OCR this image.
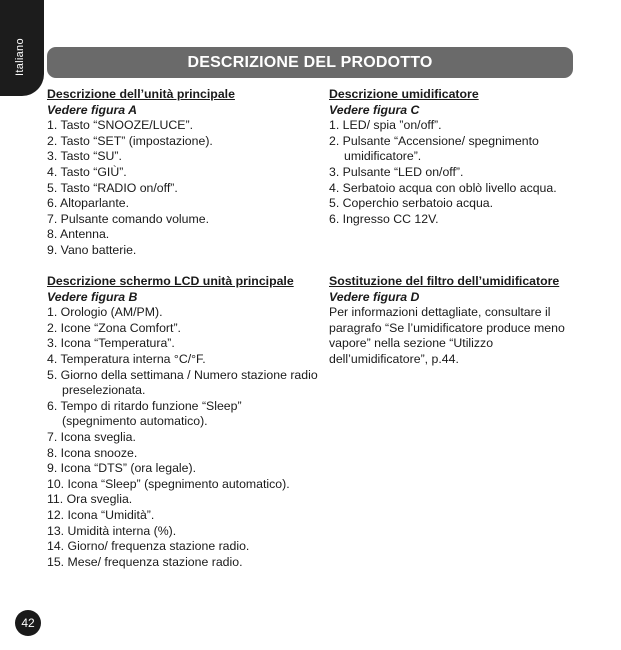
Italiano	DESCRIZIONE DEL PRODOTTO
Descrizione dell’unità principale
Vedere figura A
1. Tasto “SNOOZE/LUCE”.
2. Tasto “SET” (impostazione).
3. Tasto “SU”.
4. Tasto “GIÙ”.
5. Tasto “RADIO on/off”.
6. Altoparlante.
7. Pulsante comando volume.
8. Antenna.
9. Vano batterie.
Descrizione schermo LCD unità principale
Vedere figura B
1. Orologio (AM/PM).
2. Icone “Zona Comfort”.
3. Icona “Temperatura”.
4. Temperatura interna °C/°F.
5. Giorno della settimana / Numero stazione radio preselezionata.
6. Tempo di ritardo funzione “Sleep” (spegnimento automatico).
7. Icona sveglia.
8. Icona snooze.
9. Icona “DTS” (ora legale).
10. Icona “Sleep” (spegnimento automatico).
11. Ora sveglia.
12. Icona “Umidità”.
13. Umidità interna (%).
14. Giorno/ frequenza stazione radio.
15. Mese/ frequenza stazione radio.
Descrizione umidificatore
Vedere figura C
1. LED/ spia ”on/off”.
2. Pulsante “Accensione/ spegnimento umidificatore”.
3. Pulsante “LED on/off”.
4. Serbatoio acqua con oblò livello acqua.
5. Coperchio serbatoio acqua.
6. Ingresso CC 12V.
Sostituzione del filtro dell’umidificatore
Vedere figura D

Per informazioni dettagliate, consultare il paragrafo “Se l’umidificatore produce meno vapore” nella sezione “Utilizzo dell’umidificatore”, p.44.

42
